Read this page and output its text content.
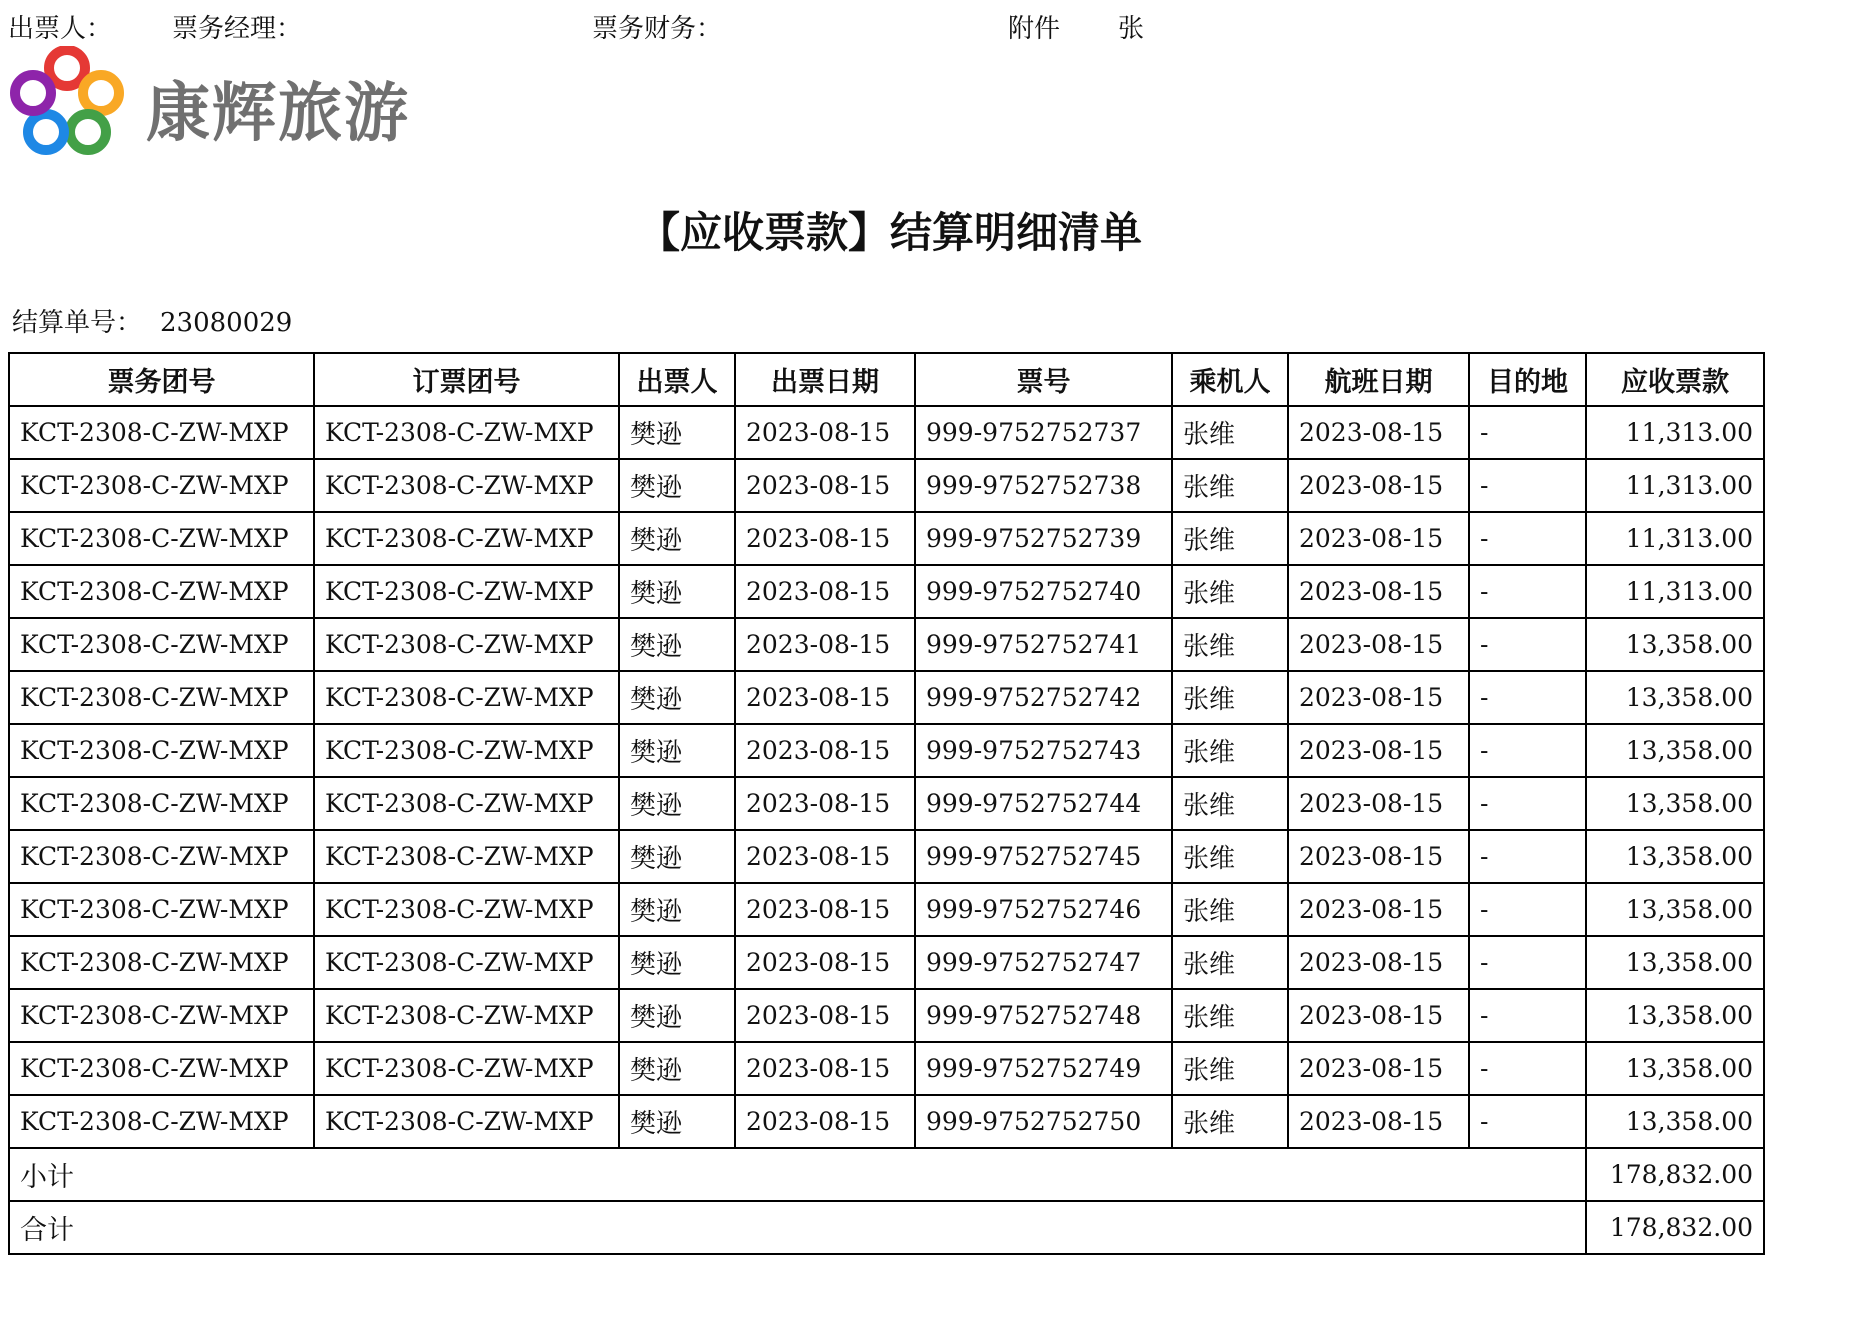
出票人： 票务经理：	票务财务：	附件 张
康辉旅游
【应收票款】结算明细清单
结算单号： 23080029
票务团号	订票团号	出票人	出票日期	票号	乘机人	航班日期	目的地	应收票款
KCT-2308-C-ZW-MXP	KCT-2308-C-ZW-MXP	樊逊	2023-08-15	999-9752752737	张维	2023-08-15	-	11,313.00
KCT-2308-C-ZW-MXP	KCT-2308-C-ZW-MXP	樊逊	2023-08-15	999-9752752738	张维	2023-08-15	-	11,313.00
KCT-2308-C-ZW-MXP	KCT-2308-C-ZW-MXP	樊逊	2023-08-15	999-9752752739	张维	2023-08-15	-	11,313.00
KCT-2308-C-ZW-MXP	KCT-2308-C-ZW-MXP	樊逊	2023-08-15	999-9752752740	张维	2023-08-15	-	11,313.00
KCT-2308-C-ZW-MXP	KCT-2308-C-ZW-MXP	樊逊	2023-08-15	999-9752752741	张维	2023-08-15	-	13,358.00
KCT-2308-C-ZW-MXP	KCT-2308-C-ZW-MXP	樊逊	2023-08-15	999-9752752742	张维	2023-08-15	-	13,358.00
KCT-2308-C-ZW-MXP	KCT-2308-C-ZW-MXP	樊逊	2023-08-15	999-9752752743	张维	2023-08-15	-	13,358.00
KCT-2308-C-ZW-MXP	KCT-2308-C-ZW-MXP	樊逊	2023-08-15	999-9752752744	张维	2023-08-15	-	13,358.00
KCT-2308-C-ZW-MXP	KCT-2308-C-ZW-MXP	樊逊	2023-08-15	999-9752752745	张维	2023-08-15	-	13,358.00
KCT-2308-C-ZW-MXP	KCT-2308-C-ZW-MXP	樊逊	2023-08-15	999-9752752746	张维	2023-08-15	-	13,358.00
KCT-2308-C-ZW-MXP	KCT-2308-C-ZW-MXP	樊逊	2023-08-15	999-9752752747	张维	2023-08-15	-	13,358.00
KCT-2308-C-ZW-MXP	KCT-2308-C-ZW-MXP	樊逊	2023-08-15	999-9752752748	张维	2023-08-15	-	13,358.00
KCT-2308-C-ZW-MXP	KCT-2308-C-ZW-MXP	樊逊	2023-08-15	999-9752752749	张维	2023-08-15	-	13,358.00
KCT-2308-C-ZW-MXP	KCT-2308-C-ZW-MXP	樊逊	2023-08-15	999-9752752750	张维	2023-08-15	-	13,358.00
小计								178,832.00
合计								178,832.00
